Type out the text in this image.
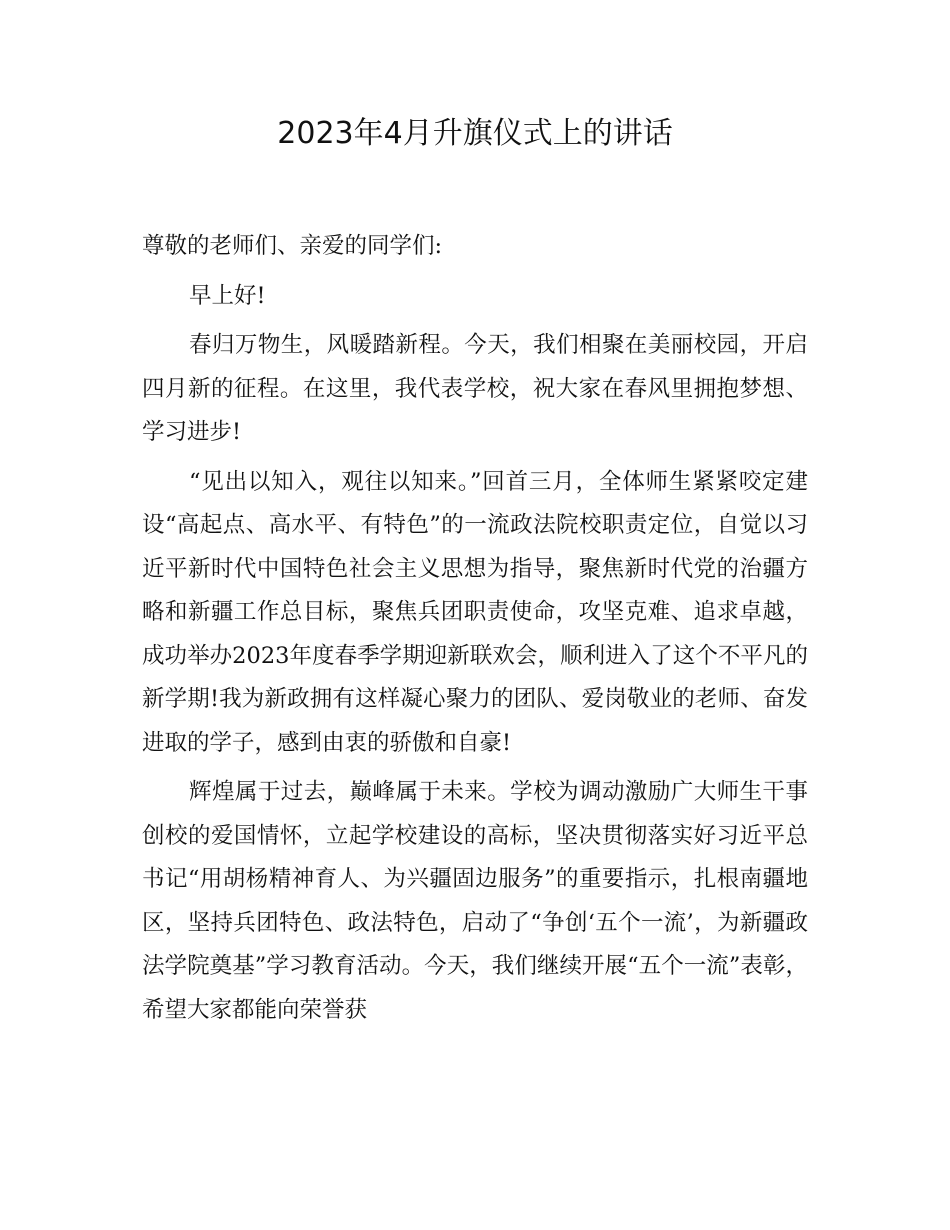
2023年4月升旗仪式上的讲话

尊敬的老师们、亲爱的同学们:

早上好!

春归万物生，风暖踏新程。今天，我们相聚在美丽校园，开启四月新的征程。在这里，我代表学校，祝大家在春风里拥抱梦想、学习进步!

“见出以知入，观往以知来。”回首三月，全体师生紧紧咬定建设“高起点、高水平、有特色”的一流政法院校职责定位，自觉以习近平新时代中国特色社会主义思想为指导，聚焦新时代党的治疆方略和新疆工作总目标，聚焦兵团职责使命，攻坚克难、追求卓越，成功举办2023年度春季学期迎新联欢会，顺利进入了这个不平凡的新学期!我为新政拥有这样凝心聚力的团队、爱岗敬业的老师、奋发进取的学子，感到由衷的骄傲和自豪!

辉煌属于过去，巅峰属于未来。学校为调动激励广大师生干事创校的爱国情怀，立起学校建设的高标，坚决贯彻落实好习近平总书记“用胡杨精神育人、为兴疆固边服务”的重要指示，扎根南疆地区，坚持兵团特色、政法特色，启动了“争创‘五个一流’，为新疆政法学院奠基”学习教育活动。今天，我们继续开展“五个一流”表彰，希望大家都能向荣誉获
